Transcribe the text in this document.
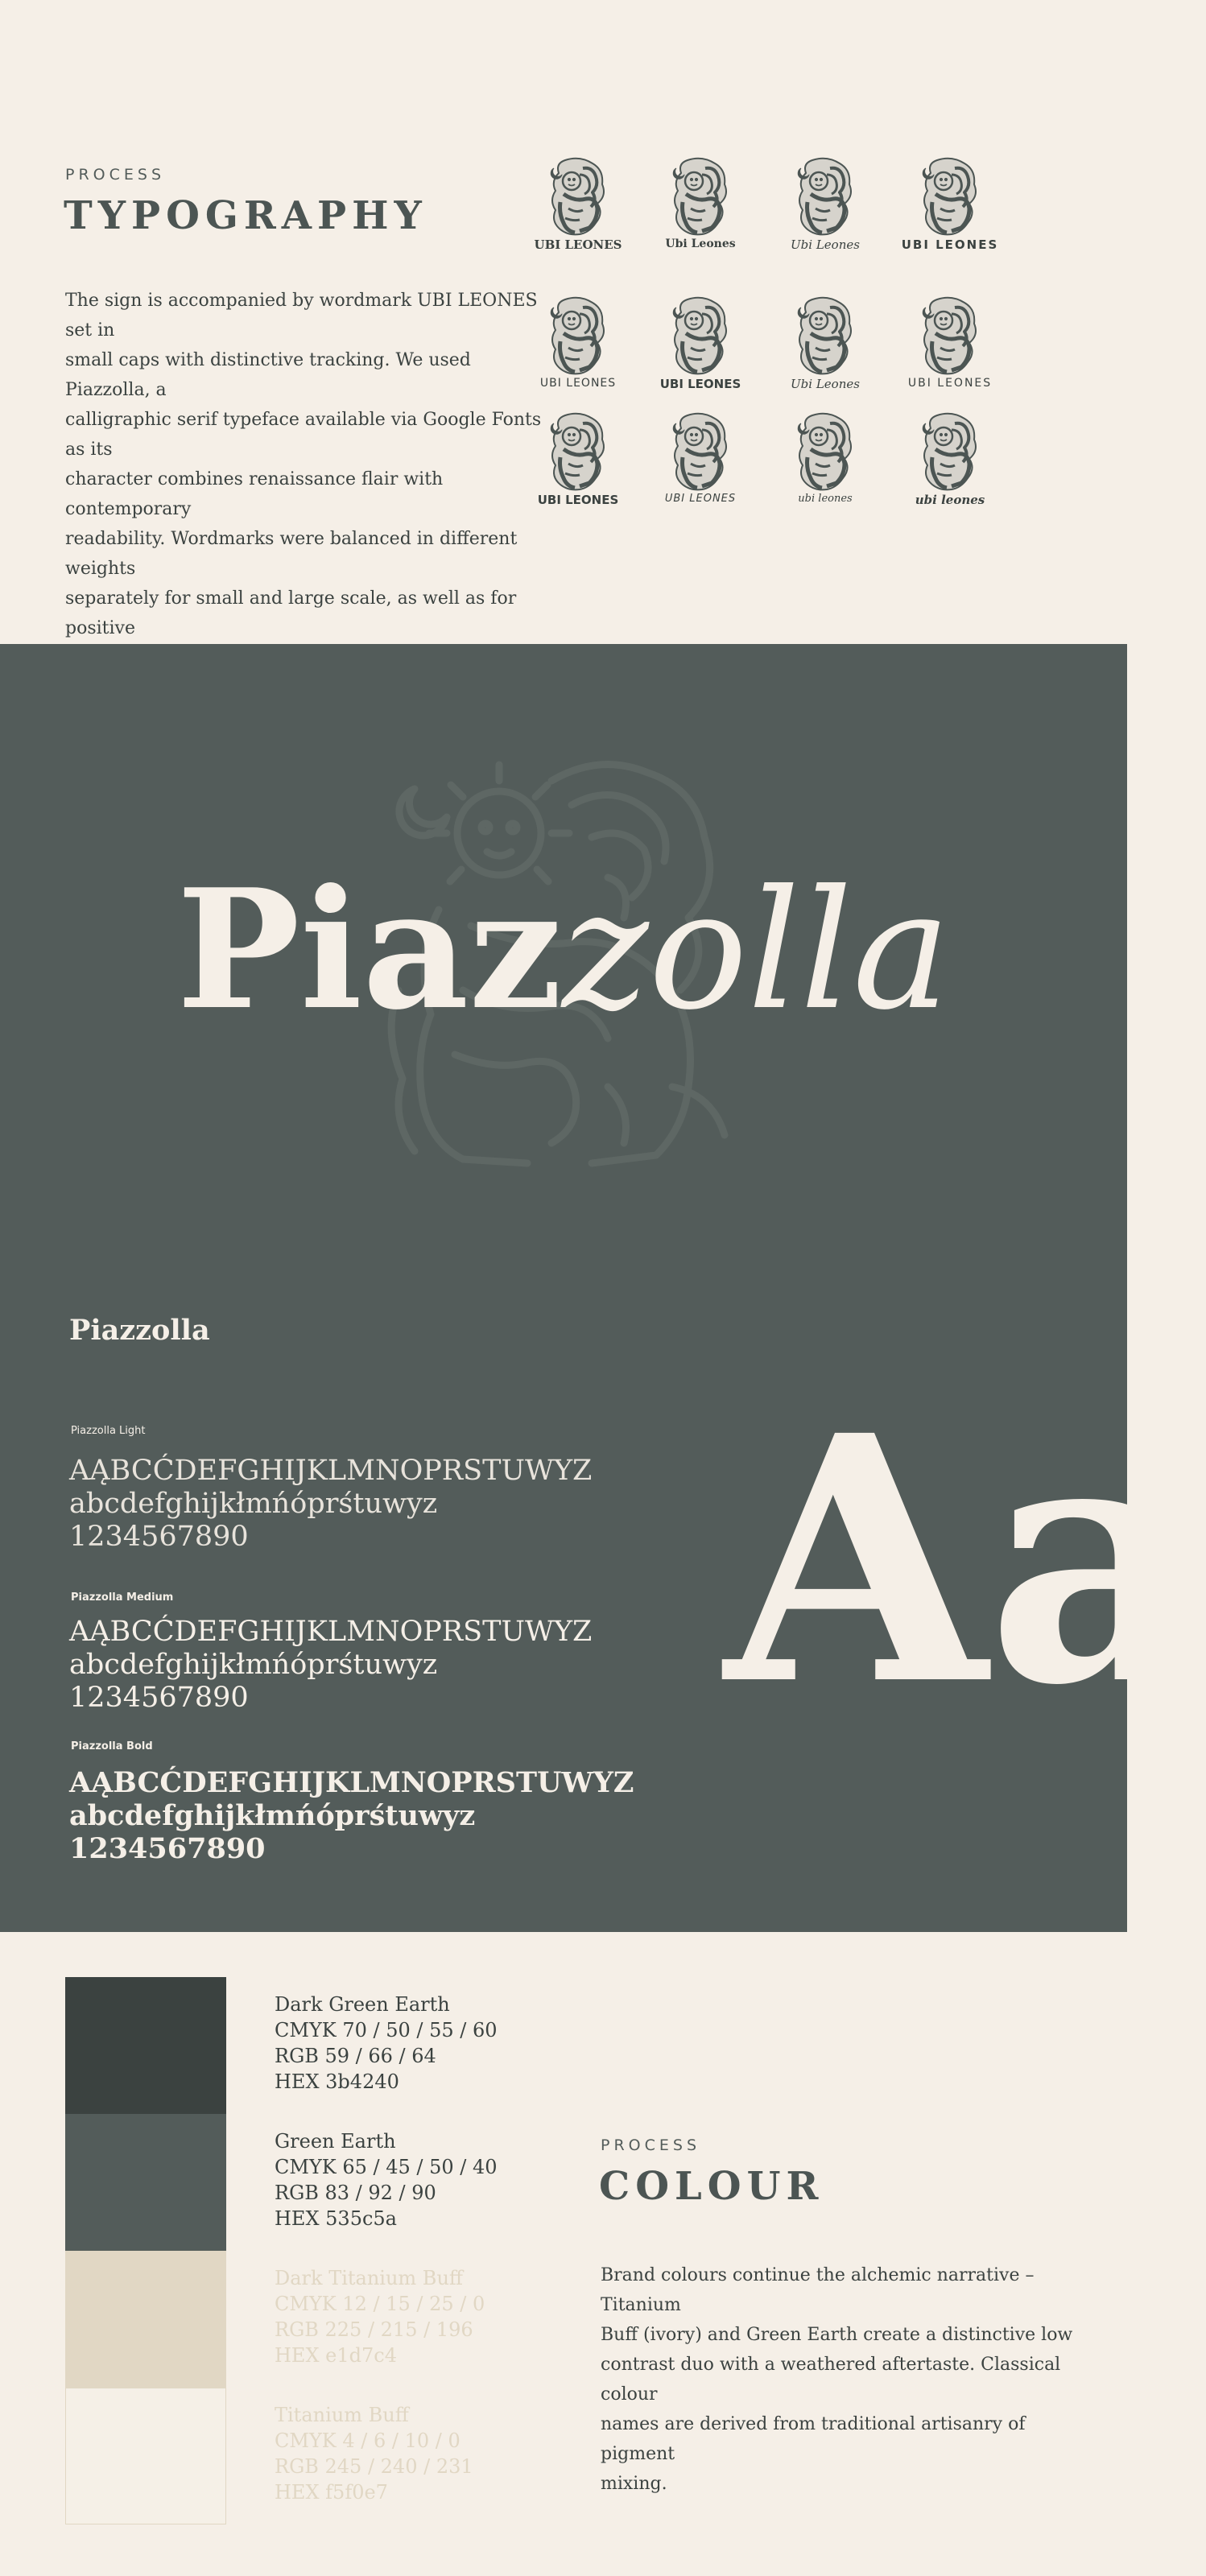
PROCESS
TYPOGRAPHY
The sign is accompanied by wordmark UBI LEONES set in
small caps with distinctive tracking. We used Piazzolla, a
calligraphic serif typeface available via Google Fonts as its
character combines renaissance flair with contemporary
readability. Wordmarks were balanced in different weights
separately for small and large scale, as well as for positive
UBI LEONES	Ubi Leones	Ubi Leones	UBI LEONES
UBI LEONES	UBI LEONES	Ubi Leones	UBI LEONES
UBI LEONES	UBI LEONES	ubi leones	ubi leones
Piazzolla
Piazzolla
Piazzolla Light
AĄBCĆDEFGHIJKLMNOPRSTUWYZ
abcdefghijkłmńóprśtuwyz
1234567890
Piazzolla Medium
AĄBCĆDEFGHIJKLMNOPRSTUWYZ
abcdefghijkłmńóprśtuwyz
1234567890
Piazzolla Bold
AĄBCĆDEFGHIJKLMNOPRSTUWYZ
abcdefghijkłmńóprśtuwyz
1234567890
Aa
Dark Green Earth
CMYK 70 / 50 / 55 / 60
RGB 59 / 66 / 64
HEX 3b4240
Green Earth
CMYK 65 / 45 / 50 / 40
RGB 83 / 92 / 90
HEX 535c5a
Dark Titanium Buff
CMYK 12 / 15 / 25 / 0
RGB 225 / 215 / 196
HEX e1d7c4
Titanium Buff
CMYK 4 / 6 / 10 / 0
RGB 245 / 240 / 231
HEX f5f0e7
PROCESS
COLOUR
Brand colours continue the alchemic narrative – Titanium
Buff (ivory) and Green Earth create a distinctive low
contrast duo with a weathered aftertaste. Classical colour
names are derived from traditional artisanry of pigment
mixing.
